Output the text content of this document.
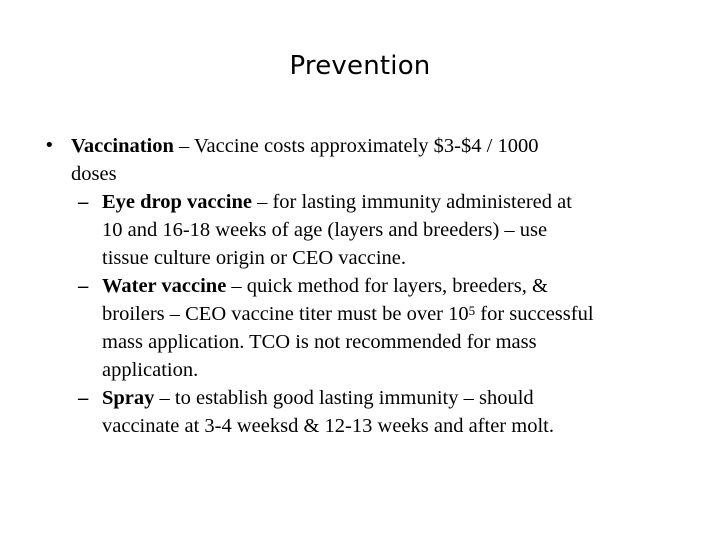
Prevention
• Vaccination – Vaccine costs approximately $3-$4 / 1000
doses
– Eye drop vaccine – for lasting immunity administered at
10 and 16-18 weeks of age (layers and breeders) – use
tissue culture origin or CEO vaccine.
– Water vaccine – quick method for layers, breeders, &
broilers – CEO vaccine titer must be over $10^5$ for successful
mass application. TCO is not recommended for mass
application.
– Spray – to establish good lasting immunity – should
vaccinate at 3-4 weeksd & 12-13 weeks and after molt.
